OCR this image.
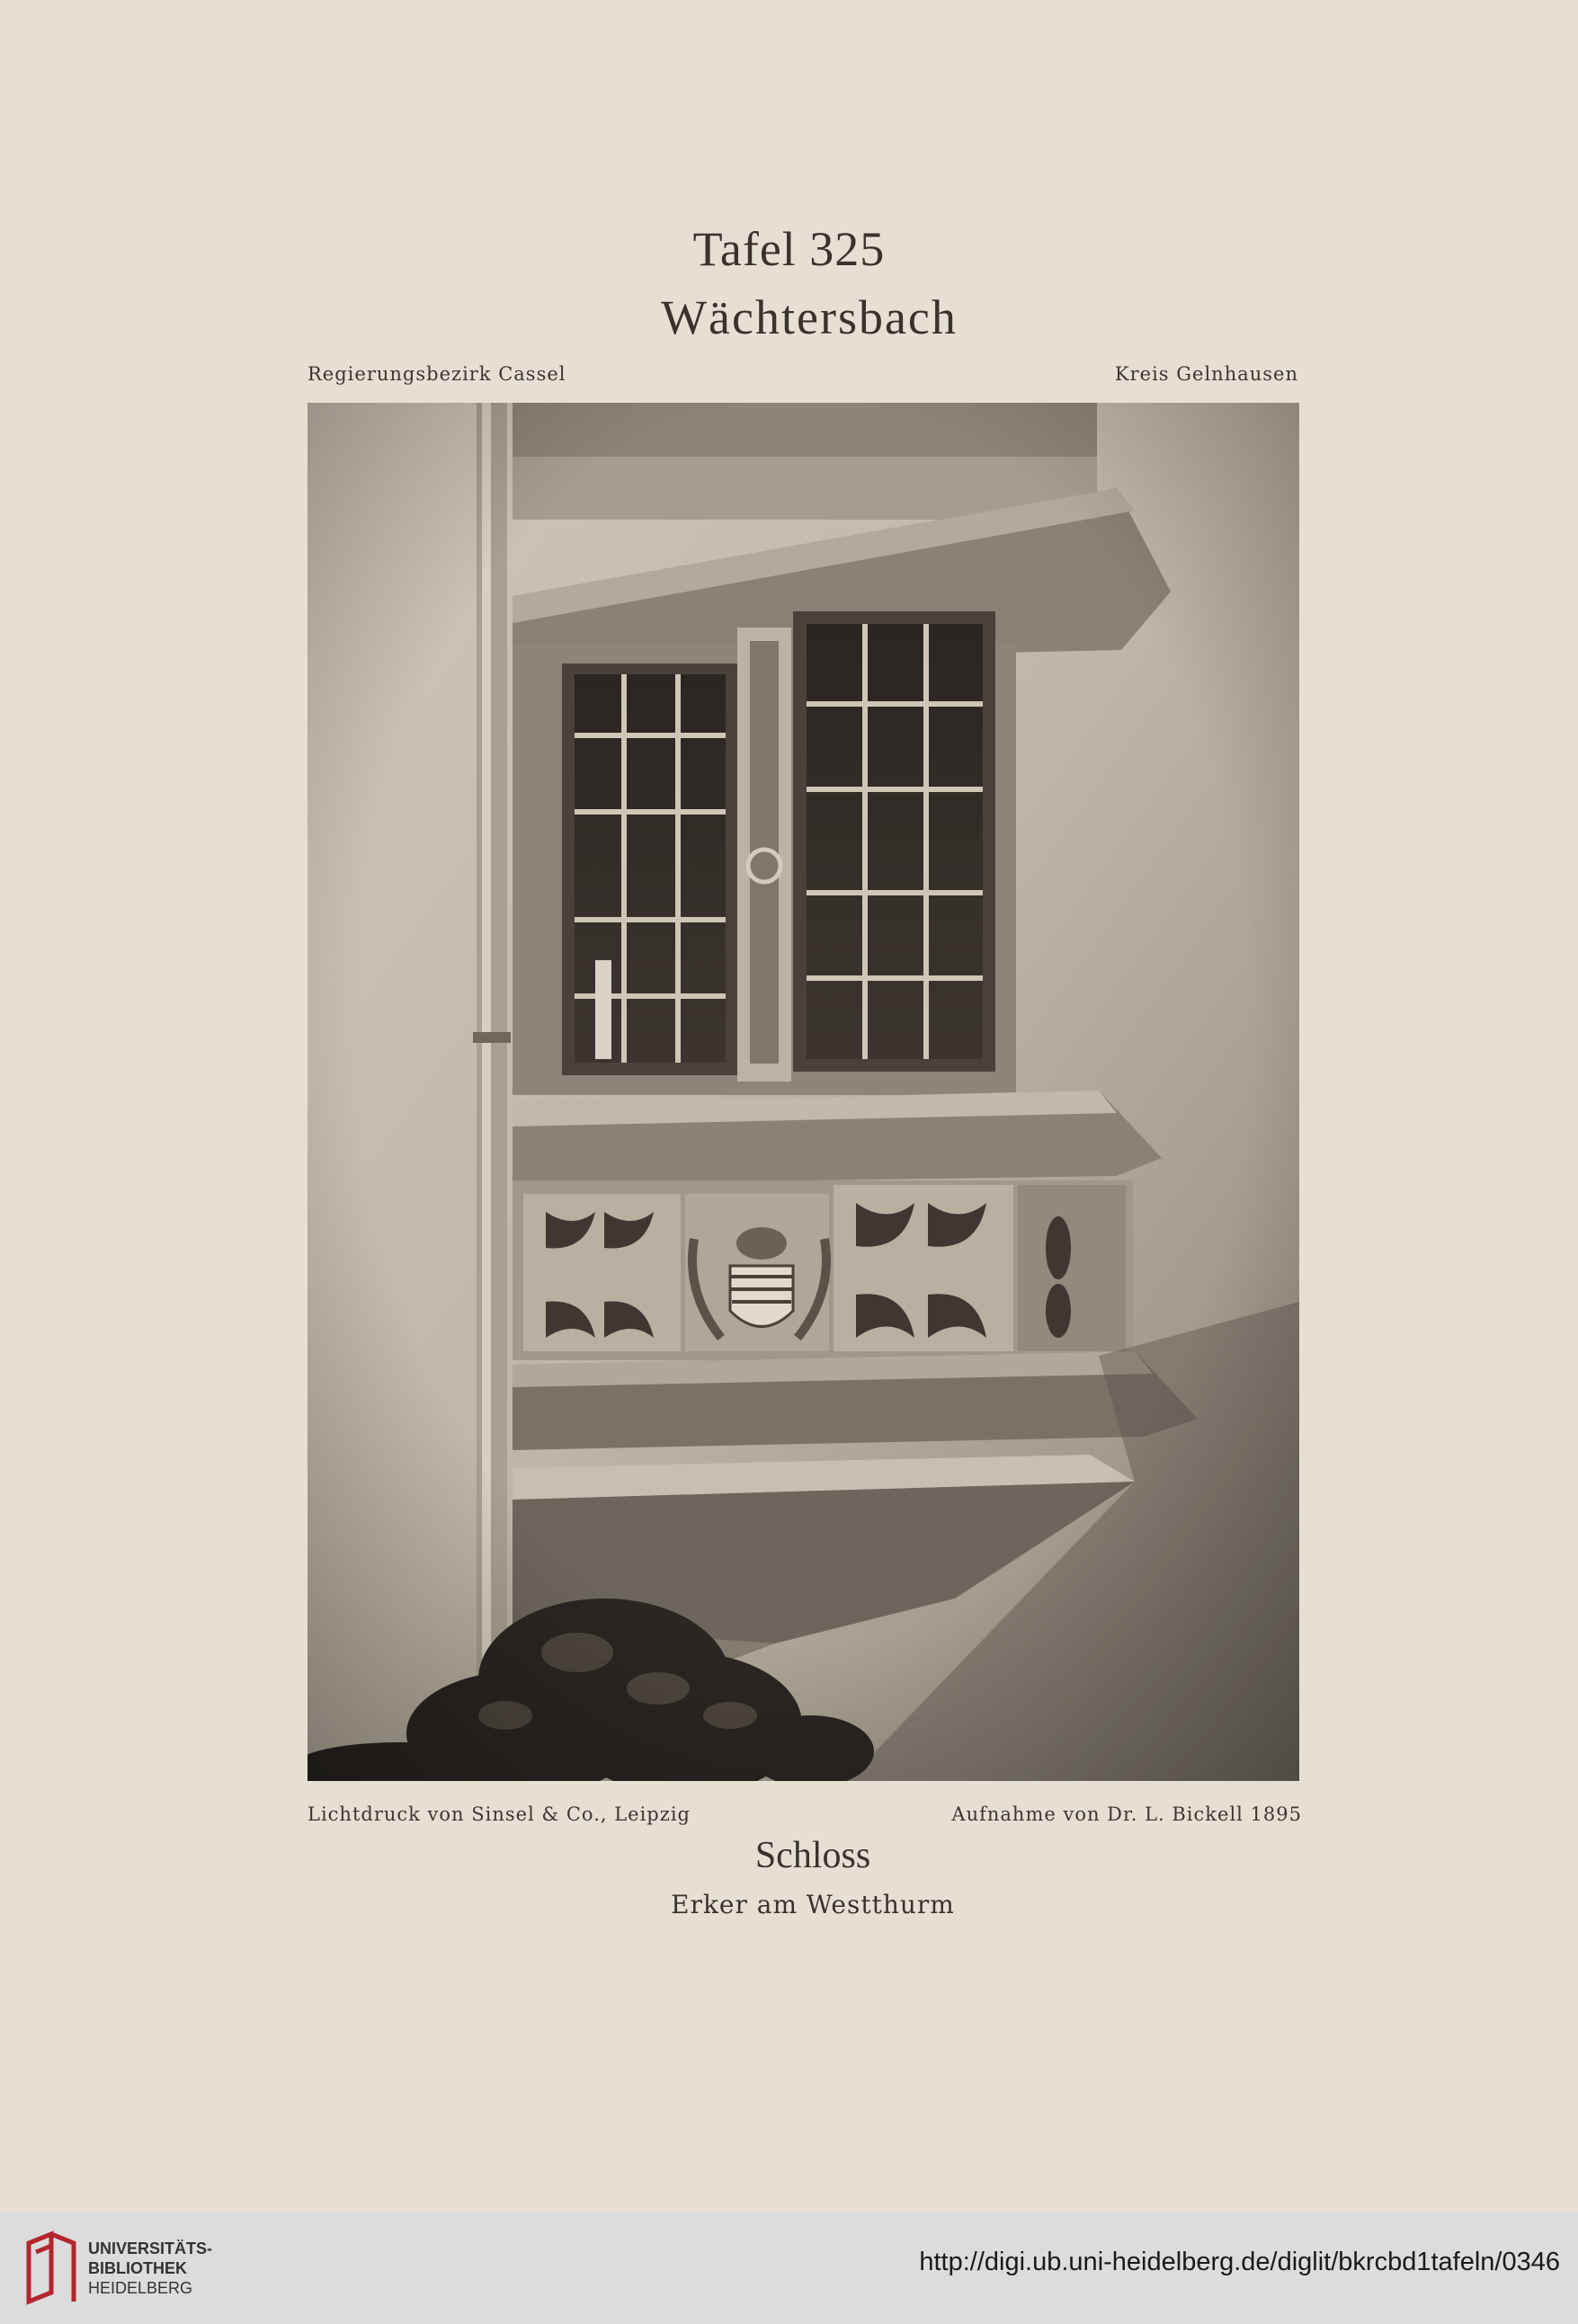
Tafel 325
Wächtersbach
Regierungsbezirk Cassel	Kreis Gelnhausen
Lichtdruck von Sinsel & Co., Leipzig	Aufnahme von Dr. L. Bickell 1895
Schloss
Erker am Westthurm
UNIVERSITÄTS-
BIBLIOTHEK
HEIDELBERG
http://digi.ub.uni-heidelberg.de/diglit/bkrcbd1tafeln/0346
